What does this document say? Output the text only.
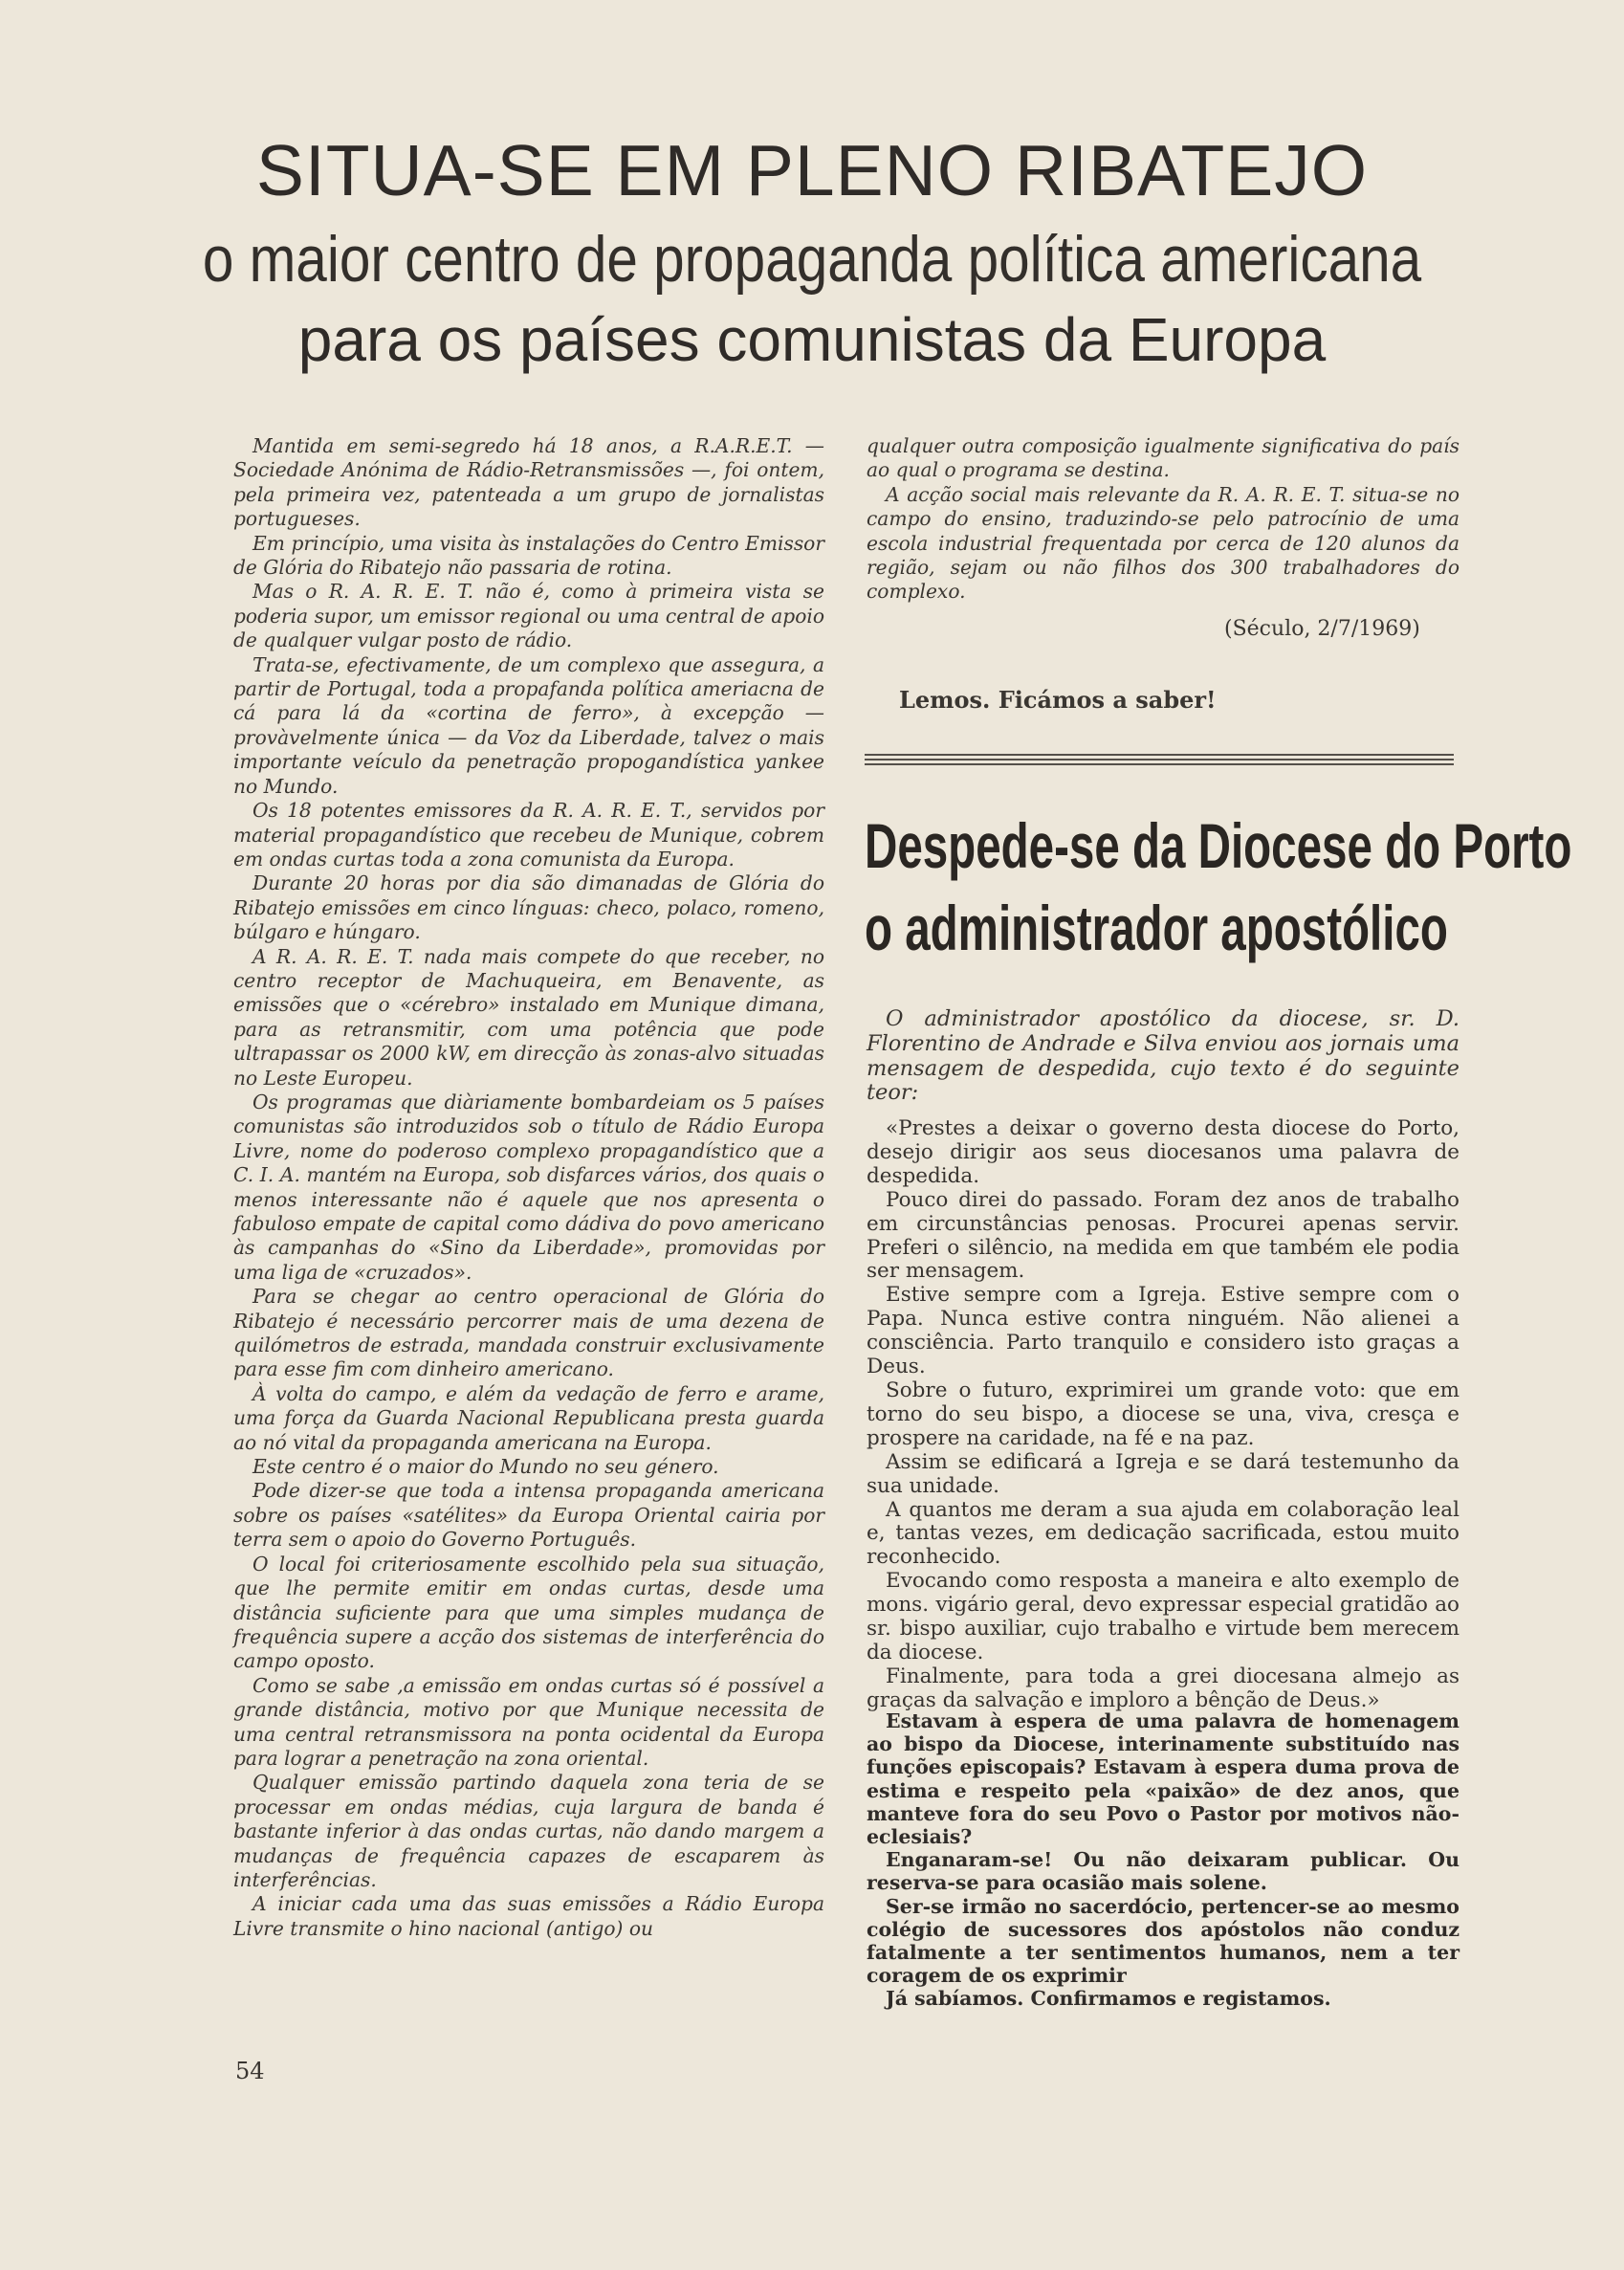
SITUA-SE EM PLENO RIBATEJO
o maior centro de propaganda política americana
para os países comunistas da Europa

Mantida em semi-segredo há 18 anos, a R.A.R.E.T. — Sociedade Anónima de Rádio-Retransmissões —, foi ontem, pela primeira vez, patenteada a um grupo de jornalistas portugueses.

Em princípio, uma visita às instalações do Centro Emissor de Glória do Ribatejo não passaria de rotina.

Mas o R. A. R. E. T. não é, como à primeira vista se poderia supor, um emissor regional ou uma central de apoio de qualquer vulgar posto de rádio.

Trata-se, efectivamente, de um complexo que assegura, a partir de Portugal, toda a propafanda política ameriacna de cá para lá da «cortina de ferro», à excepção — provàvelmente única — da Voz da Liberdade, talvez o mais importante veículo da penetração propogandística yankee no Mundo.

Os 18 potentes emissores da R. A. R. E. T., servidos por material propagandístico que recebeu de Munique, cobrem em ondas curtas toda a zona comunista da Europa.

Durante 20 horas por dia são dimanadas de Glória do Ribatejo emissões em cinco línguas: checo, polaco, romeno, búlgaro e húngaro.

A R. A. R. E. T. nada mais compete do que receber, no centro receptor de Machuqueira, em Benavente, as emissões que o «cérebro» instalado em Munique dimana, para as retransmitir, com uma potência que pode ultrapassar os 2000 kW, em direcção às zonas-alvo situadas no Leste Europeu.

Os programas que diàriamente bombardeiam os 5 países comunistas são introduzidos sob o título de Rádio Europa Livre, nome do poderoso complexo propagandístico que a C. I. A. mantém na Europa, sob disfarces vários, dos quais o menos interessante não é aquele que nos apresenta o fabuloso empate de capital como dádiva do povo americano às campanhas do «Sino da Liberdade», promovidas por uma liga de «cruzados».

Para se chegar ao centro operacional de Glória do Ribatejo é necessário percorrer mais de uma dezena de quilómetros de estrada, mandada construir exclusivamente para esse fim com dinheiro americano.

À volta do campo, e além da vedação de ferro e arame, uma força da Guarda Nacional Republicana presta guarda ao nó vital da propaganda americana na Europa.

Este centro é o maior do Mundo no seu género.

Pode dizer-se que toda a intensa propaganda americana sobre os países «satélites» da Europa Oriental cairia por terra sem o apoio do Governo Português.

O local foi criteriosamente escolhido pela sua situação, que lhe permite emitir em ondas curtas, desde uma distância suficiente para que uma simples mudança de frequência supere a acção dos sistemas de interferência do campo oposto.

Como se sabe ,a emissão em ondas curtas só é possível a grande distância, motivo por que Munique necessita de uma central retransmissora na ponta ocidental da Europa para lograr a penetração na zona oriental.

Qualquer emissão partindo daquela zona teria de se processar em ondas médias, cuja largura de banda é bastante inferior à das ondas curtas, não dando margem a mudanças de frequência capazes de escaparem às interferências.

A iniciar cada uma das suas emissões a Rádio Europa Livre transmite o hino nacional (antigo) ou

qualquer outra composição igualmente significativa do país ao qual o programa se destina.

A acção social mais relevante da R. A. R. E. T. situa-se no campo do ensino, traduzindo-se pelo patrocínio de uma escola industrial frequentada por cerca de 120 alunos da região, sejam ou não filhos dos 300 trabalhadores do complexo.

(Século, 2/7/1969)
Lemos. Ficámos a saber!
Despede-se da Diocese do Porto
o administrador apostólico

O administrador apostólico da diocese, sr. D. Florentino de Andrade e Silva enviou aos jornais uma mensagem de despedida, cujo texto é do seguinte teor:

«Prestes a deixar o governo desta diocese do Porto, desejo dirigir aos seus diocesanos uma palavra de despedida.

Pouco direi do passado. Foram dez anos de trabalho em circunstâncias penosas. Procurei apenas servir. Preferi o silêncio, na medida em que também ele podia ser mensagem.

Estive sempre com a Igreja. Estive sempre com o Papa. Nunca estive contra ninguém. Não alienei a consciência. Parto tranquilo e considero isto graças a Deus.

Sobre o futuro, exprimirei um grande voto: que em torno do seu bispo, a diocese se una, viva, cresça e prospere na caridade, na fé e na paz.

Assim se edificará a Igreja e se dará testemunho da sua unidade.

A quantos me deram a sua ajuda em colaboração leal e, tantas vezes, em dedicação sacrificada, estou muito reconhecido.

Evocando como resposta a maneira e alto exemplo de mons. vigário geral, devo expressar especial gratidão ao sr. bispo auxiliar, cujo trabalho e virtude bem merecem da diocese.

Finalmente, para toda a grei diocesana almejo as graças da salvação e imploro a bênção de Deus.»

Estavam à espera de uma palavra de homenagem ao bispo da Diocese, interinamente substituído nas funções episcopais? Estavam à espera duma prova de estima e respeito pela «paixão» de dez anos, que manteve fora do seu Povo o Pastor por motivos não-eclesiais?

Enganaram-se! Ou não deixaram publicar. Ou reserva-se para ocasião mais solene.

Ser-se irmão no sacerdócio, pertencer-se ao mesmo colégio de sucessores dos apóstolos não conduz fatalmente a ter sentimentos humanos, nem a ter coragem de os exprimir

Já sabíamos. Confirmamos e registamos.

54
